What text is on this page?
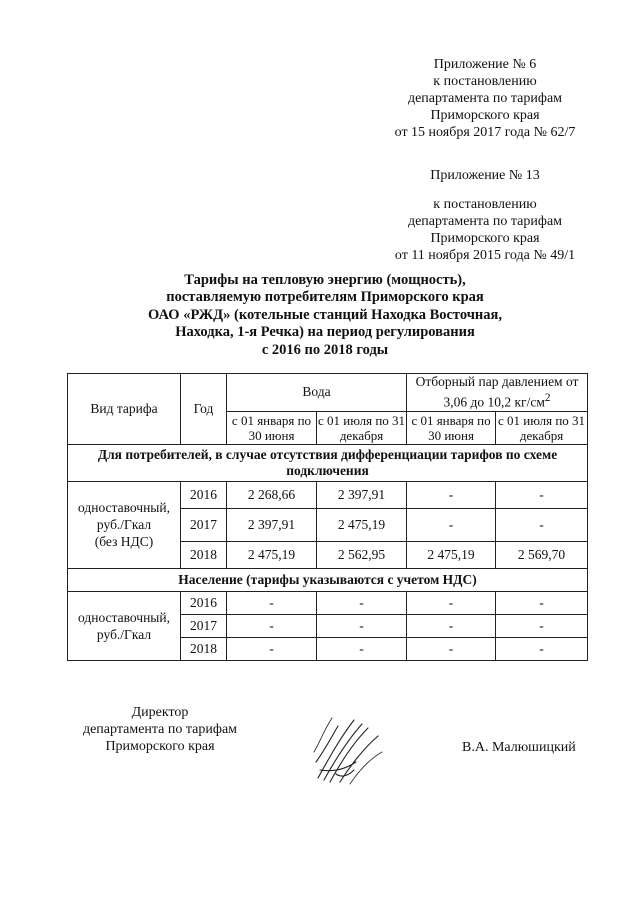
Приложение № 6
к постановлению
департамента по тарифам
Приморского края
от 15 ноября 2017 года № 62/7
Приложение № 13
к постановлению
департамента по тарифам
Приморского края
от 11 ноября 2015 года № 49/1
Тарифы на тепловую энергию (мощность),
поставляемую потребителям Приморского края
ОАО «РЖД» (котельные станций Находка Восточная,
Находка, 1-я Речка) на период регулирования
с 2016 по 2018 годы
Вид тарифа	Год	Вода		Отборный пар давлением от 3,06 до 10,2 $кг/см^2$
		с 01 января по 30 июня	с 01 июля по 31 декабря	с 01 января по 30 июня	с 01 июля по 31 декабря
Для потребителей, в случае отсутствия дифференциации тарифов по схеме подключения					

одноставочный,
руб./Гкал
(без НДС)	2016	2 268,66	2 397,91	-	-
	2017	2 397,91	2 475,19	-	-
	2018	2 475,19	2 562,95	2 475,19	2 569,70
Население (тарифы указываются с учетом НДС)					

одноставочный,
руб./Гкал	2016	-	-	-	-
	2017	-	-	-	-
	2018	-	-	-	-
Директор
департамента по тарифам
Приморского края	В.А. Малюшицкий
